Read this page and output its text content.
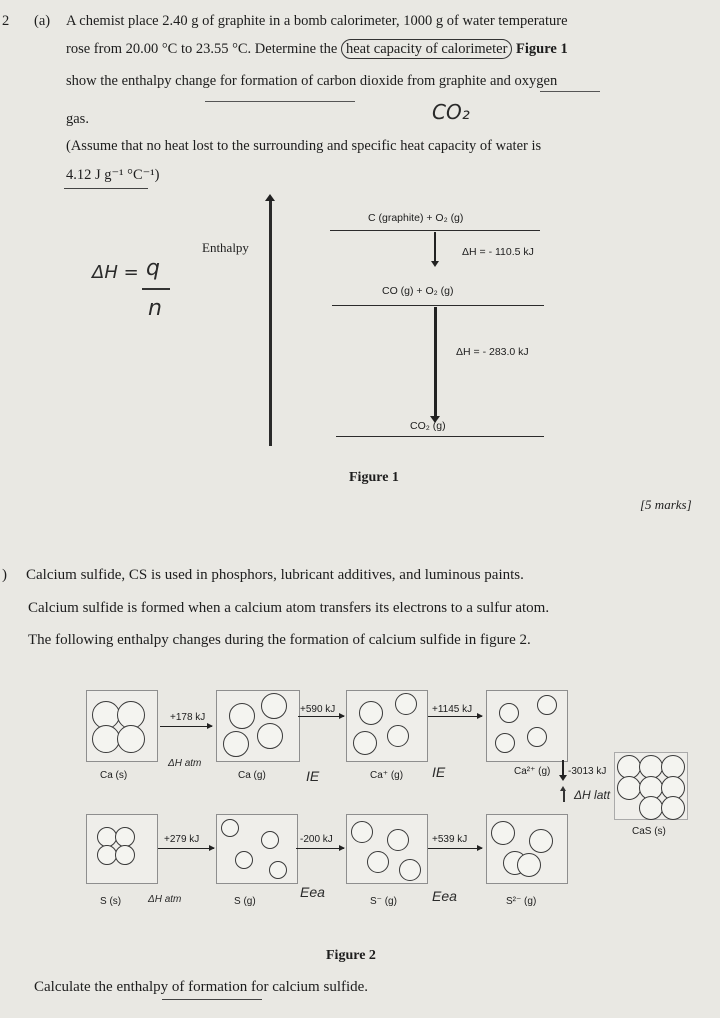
2 (a) A chemist place 2.40 g of graphite in a bomb calorimeter, 1000 g of water temperature
rose from 20.00 °C to 23.55 °C. Determine the heat capacity of calorimeter Figure 1
show the enthalpy change for formation of carbon dioxide from graphite and oxygen
gas.	CO₂
(Assume that no heat lost to the surrounding and specific heat capacity of water is
4.12 J g⁻¹ °C⁻¹)
ΔH = q
n
Enthalpy
C (graphite) + O₂ (g)
ΔH = - 110.5 kJ
CO (g) + O₂ (g)
ΔH = - 283.0 kJ
CO₂ (g)
Figure 1
[5 marks]
) Calcium sulfide, CS is used in phosphors, lubricant additives, and luminous paints.
Calcium sulfide is formed when a calcium atom transfers its electrons to a sulfur atom.
The following enthalpy changes during the formation of calcium sulfide in figure 2.
+178 kJ
ΔH atm
+590 kJ
IE
+1145 kJ
IE
Ca (s)	Ca (g)	Ca⁺ (g)	Ca²⁺ (g) -3013 kJ
ΔH latt
CaS (s)
+279 kJ
ΔH atm
-200 kJ
Eea
+539 kJ
Eea
S (s)	S (g)	S⁻ (g)	S²⁻ (g)
Figure 2
Calculate the enthalpy of formation for calcium sulfide.
